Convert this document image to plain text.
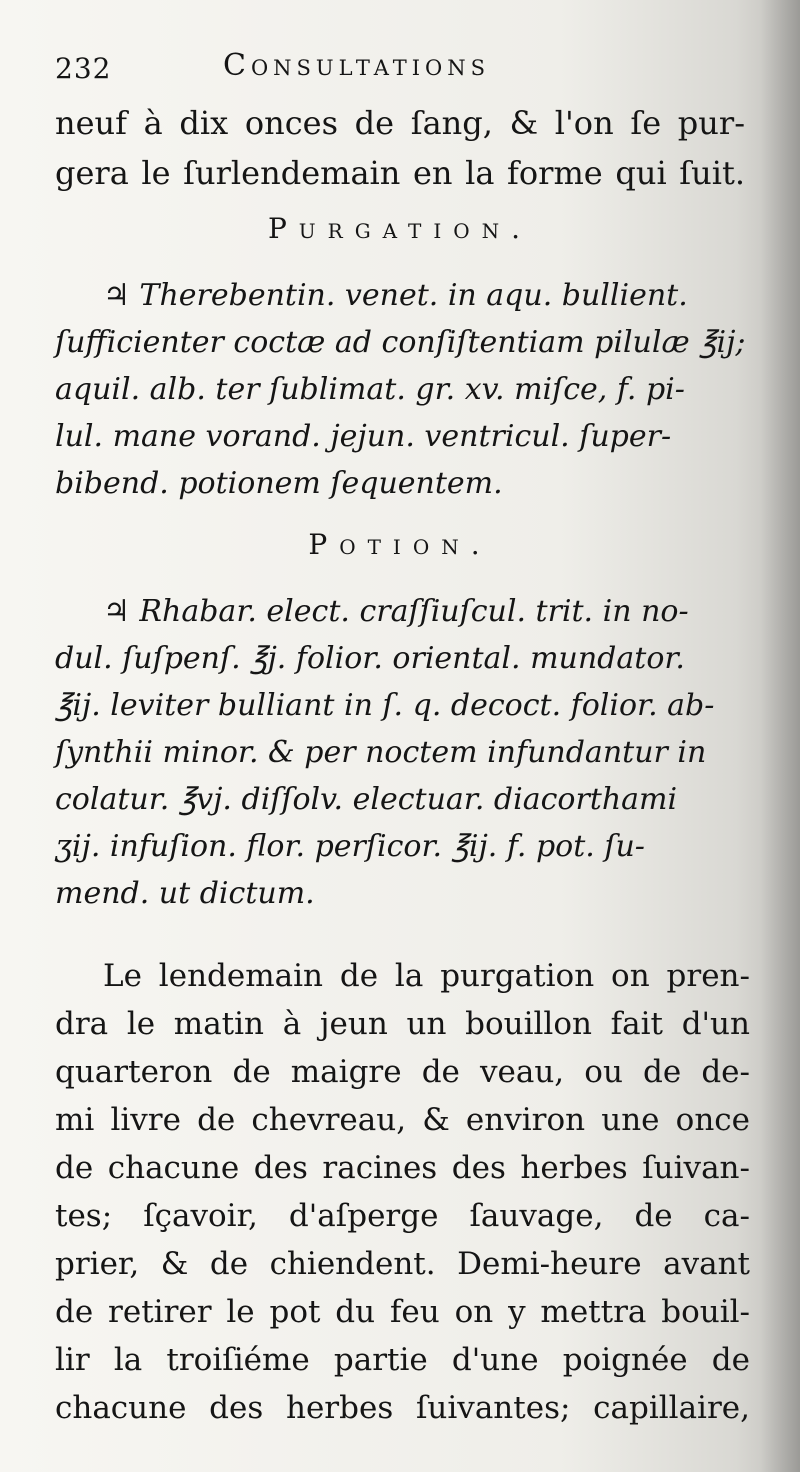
232	Consultations
neuf à dix onces de ſang, & l'on ſe pur-
gera le ſurlendemain en la forme qui ſuit.
Purgation.
♃ Therebentin. venet. in aqu. bullient.
ſufficienter coctæ ad conſiſtentiam pilulæ ℥ij;
aquil. alb. ter ſublimat. gr. xv. miſce, f. pi-
lul. mane vorand. jejun. ventricul. ſuper-
bibend. potionem ſequentem.
Potion.
♃ Rhabar. elect. craſſiuſcul. trit. in no-
dul. ſuſpenſ. ℥j. folior. oriental. mundator.
℥ij. leviter bulliant in ſ. q. decoct. folior. ab-
ſynthii minor. & per noctem infundantur in
colatur. ℥vj. diſſolv. electuar. diacorthami
ʒij. infuſion. flor. perſicor. ℥ij. f. pot. ſu-
mend. ut dictum.
Le lendemain de la purgation on pren-
dra le matin à jeun un bouillon fait d'un
quarteron de maigre de veau, ou de de-
mi livre de chevreau, & environ une once
de chacune des racines des herbes ſuivan-
tes; ſçavoir, d'aſperge ſauvage, de ca-
prier, & de chiendent. Demi-heure avant
de retirer le pot du feu on y mettra bouil-
lir la troiſiéme partie d'une poignée de
chacune des herbes ſuivantes; capillaire,
